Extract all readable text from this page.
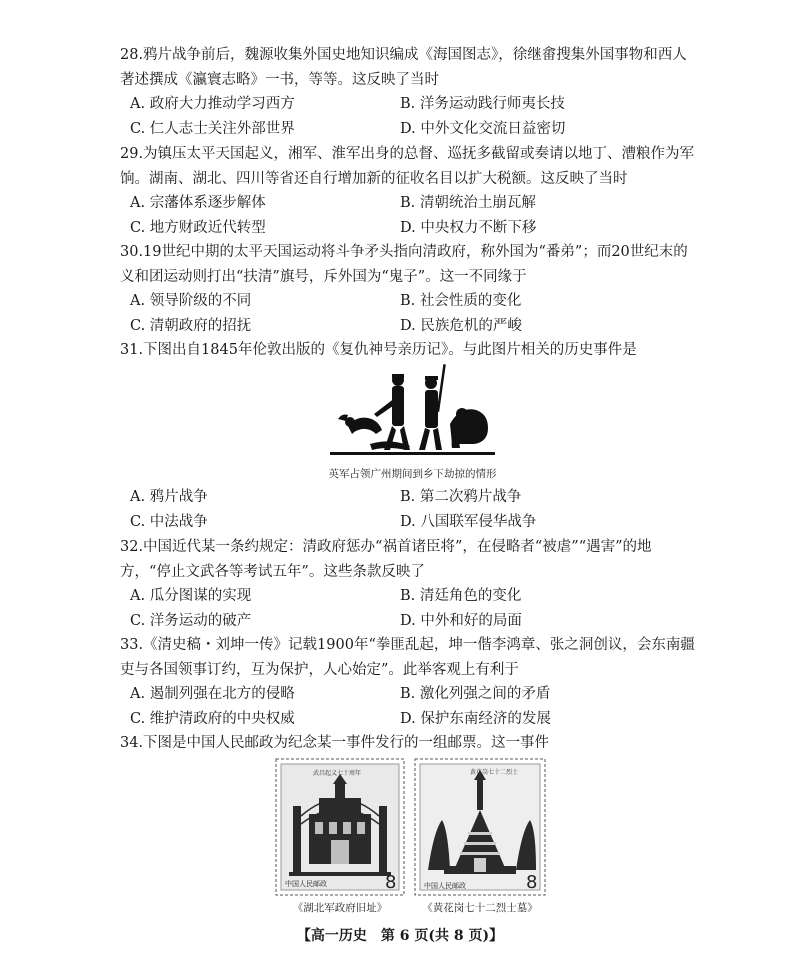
28.鸦片战争前后，魏源收集外国史地知识编成《海国图志》，徐继畬搜集外国事物和西人著述撰成《瀛寰志略》一书，等等。这反映了当时

A. 政府大力推动学习西方	B. 洋务运动践行师夷长技
C. 仁人志士关注外部世界	D. 中外文化交流日益密切

29.为镇压太平天国起义，湘军、淮军出身的总督、巡抚多截留或奏请以地丁、漕粮作为军饷。湖南、湖北、四川等省还自行增加新的征收名目以扩大税额。这反映了当时

A. 宗藩体系逐步解体	B. 清朝统治土崩瓦解
C. 地方财政近代转型	D. 中央权力不断下移

30.19世纪中期的太平天国运动将斗争矛头指向清政府，称外国为“番弟”；而20世纪末的义和团运动则打出“扶清”旗号，斥外国为“鬼子”。这一不同缘于

A. 领导阶级的不同	B. 社会性质的变化
C. 清朝政府的招抚	D. 民族危机的严峻

31.下图出自1845年伦敦出版的《复仇神号亲历记》。与此图片相关的历史事件是

英军占领广州期间到乡下劫掠的情形
A. 鸦片战争	B. 第二次鸦片战争
C. 中法战争	D. 八国联军侵华战争

32.中国近代某一条约规定：清政府惩办“祸首诸臣将”，在侵略者“被虐”“遇害”的地方，“停止文武各等考试五年”。这些条款反映了

A. 瓜分图谋的实现	B. 清廷角色的变化
C. 洋务运动的破产	D. 中外和好的局面

33.《清史稿・刘坤一传》记载1900年“拳匪乱起，坤一偕李鸿章、张之洞创议，会东南疆吏与各国领事订约，互为保护，人心始定”。此举客观上有利于

A. 遏制列强在北方的侵略	B. 激化列强之间的矛盾
C. 维护清政府的中央权威	D. 保护东南经济的发展

34.下图是中国人民邮政为纪念某一事件发行的一组邮票。这一事件

武昌起义七十周年
中国人民邮政	8
黄花岗七十二烈士
中国人民邮政	8
《湖北军政府旧址》	《黄花岗七十二烈士墓》
【高一历史　第 6 页(共 8 页)】
